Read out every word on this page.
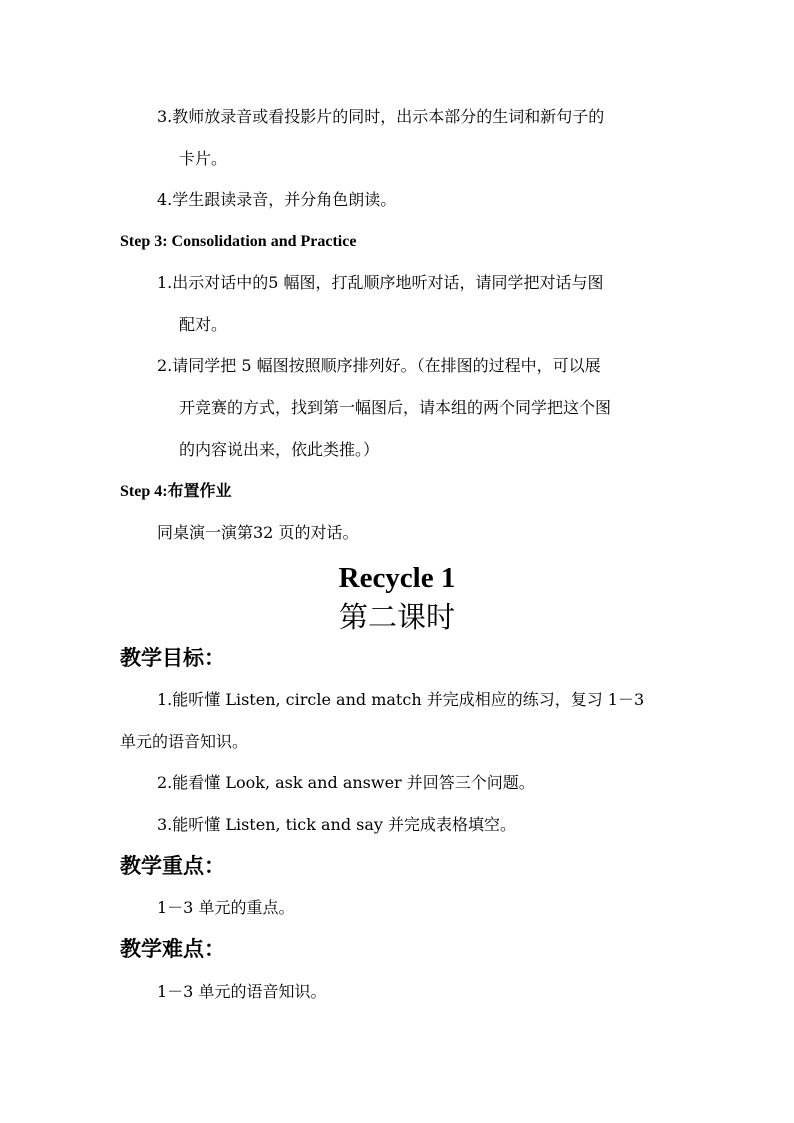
3.教师放录音或看投影片的同时，出示本部分的生词和新句子的
卡片。
4.学生跟读录音，并分角色朗读。
Step 3: Consolidation and Practice
1.出示对话中的5 幅图，打乱顺序地听对话，请同学把对话与图
配对。
2.请同学把 5 幅图按照顺序排列好。（在排图的过程中，可以展
开竞赛的方式，找到第一幅图后，请本组的两个同学把这个图
的内容说出来，依此类推。）
Step 4:布置作业
同桌演一演第32 页的对话。
Recycle 1
第二课时
教学目标：
1.能听懂 Listen, circle and match 并完成相应的练习，复习 1－3
单元的语音知识。
2.能看懂 Look, ask and answer 并回答三个问题。
3.能听懂 Listen, tick and say 并完成表格填空。
教学重点：
1－3 单元的重点。
教学难点：
1－3 单元的语音知识。
